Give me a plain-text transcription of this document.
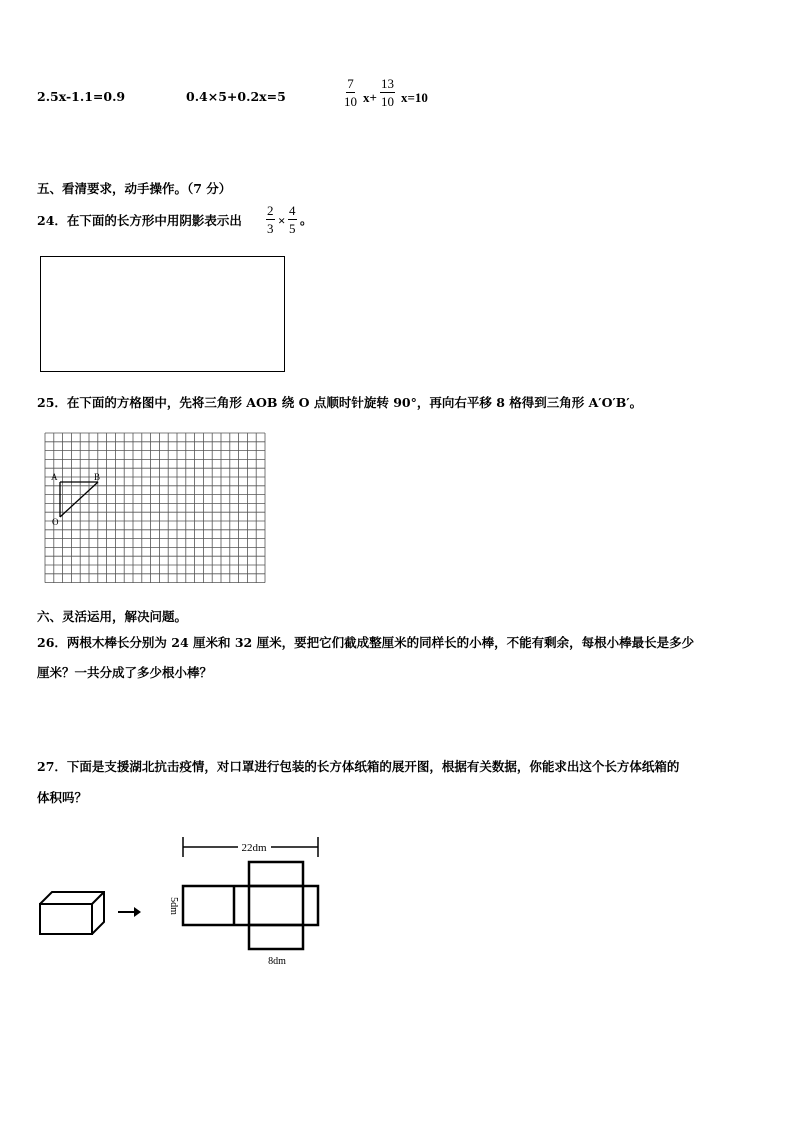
2.5x-1.1=0.9	0.4×5+0.2x=5	$\frac{7}{10} x+ \frac{13}{10} x=10$
五、看清要求，动手操作。（7 分）
24．在下面的长方形中用阴影表示出 $\frac{2}{3} \times \frac{4}{5}$ 。
25．在下面的方格图中，先将三角形 AOB 绕 O 点顺时针旋转 90°，再向右平移 8 格得到三角形 A′O′B′。
A	B
O
六、灵活运用，解决问题。
26．两根木棒长分别为 24 厘米和 32 厘米，要把它们截成整厘米的同样长的小棒，不能有剩余，每根小棒最长是多少
厘米？一共分成了多少根小棒？
27．下面是支援湖北抗击疫情，对口罩进行包装的长方体纸箱的展开图，根据有关数据，你能求出这个长方体纸箱的
体积吗？
22dm
5dm
8dm
